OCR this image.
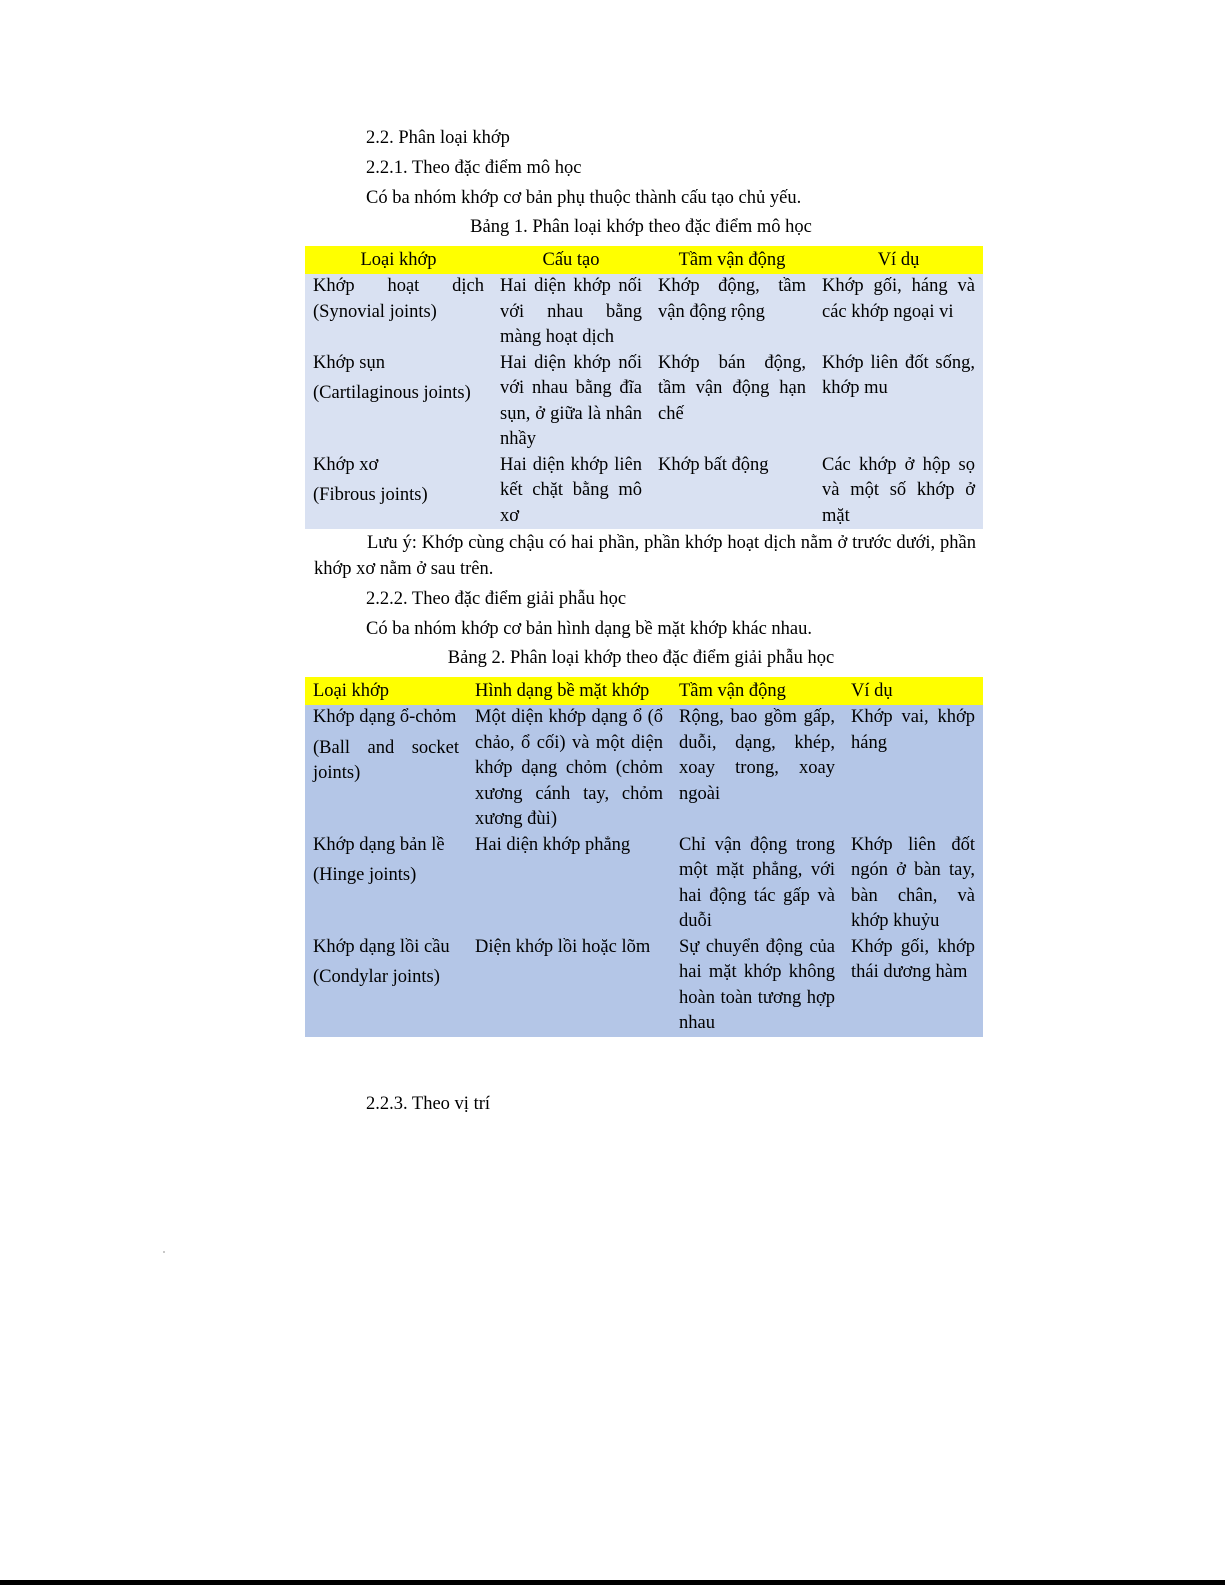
2.2. Phân loại khớp
2.2.1. Theo đặc điểm mô học
Có ba nhóm khớp cơ bản phụ thuộc thành cấu tạo chủ yếu.
Bảng 1. Phân loại khớp theo đặc điểm mô học
Loại khớp	Cấu tạo	Tầm vận động	Ví dụ

Khớp hoạt dịch
(Synovial joints)	Hai diện khớp nối với nhau bằng màng hoạt dịch	Khớp động, tầm vận động rộng	Khớp gối, háng và các khớp ngoại vi

Khớp sụn
(Cartilaginous joints)	Hai diện khớp nối với nhau bằng đĩa sụn, ở giữa là nhân nhầy	Khớp bán động, tầm vận động hạn chế	Khớp liên đốt sống, khớp mu

Khớp xơ
(Fibrous joints)	Hai diện khớp liên kết chặt bằng mô xơ	Khớp bất động	Các khớp ở hộp sọ và một số khớp ở mặt
Lưu ý: Khớp cùng chậu có hai phần, phần khớp hoạt dịch nằm ở trước dưới, phần khớp xơ nằm ở sau trên.
2.2.2. Theo đặc điểm giải phẫu học
Có ba nhóm khớp cơ bản hình dạng bề mặt khớp khác nhau.
Bảng 2. Phân loại khớp theo đặc điểm giải phẫu học
Loại khớp	Hình dạng bề mặt khớp	Tầm vận động	Ví dụ

Khớp dạng ổ-chỏm
(Ball and socket joints)	Một diện khớp dạng ổ (ổ chảo, ổ cối) và một diện khớp dạng chỏm (chỏm xương cánh tay, chỏm xương đùi)	Rộng, bao gồm gấp, duỗi, dạng, khép, xoay trong, xoay ngoài	Khớp vai, khớp háng

Khớp dạng bản lề
(Hinge joints)	Hai diện khớp phẳng	Chỉ vận động trong một mặt phẳng, với hai động tác gấp và duỗi	Khớp liên đốt ngón ở bàn tay, bàn chân, và khớp khuỷu

Khớp dạng lồi cầu
(Condylar joints)	Diện khớp lồi hoặc lõm	Sự chuyển động của hai mặt khớp không hoàn toàn tương hợp nhau	Khớp gối, khớp thái dương hàm
2.2.3. Theo vị trí
